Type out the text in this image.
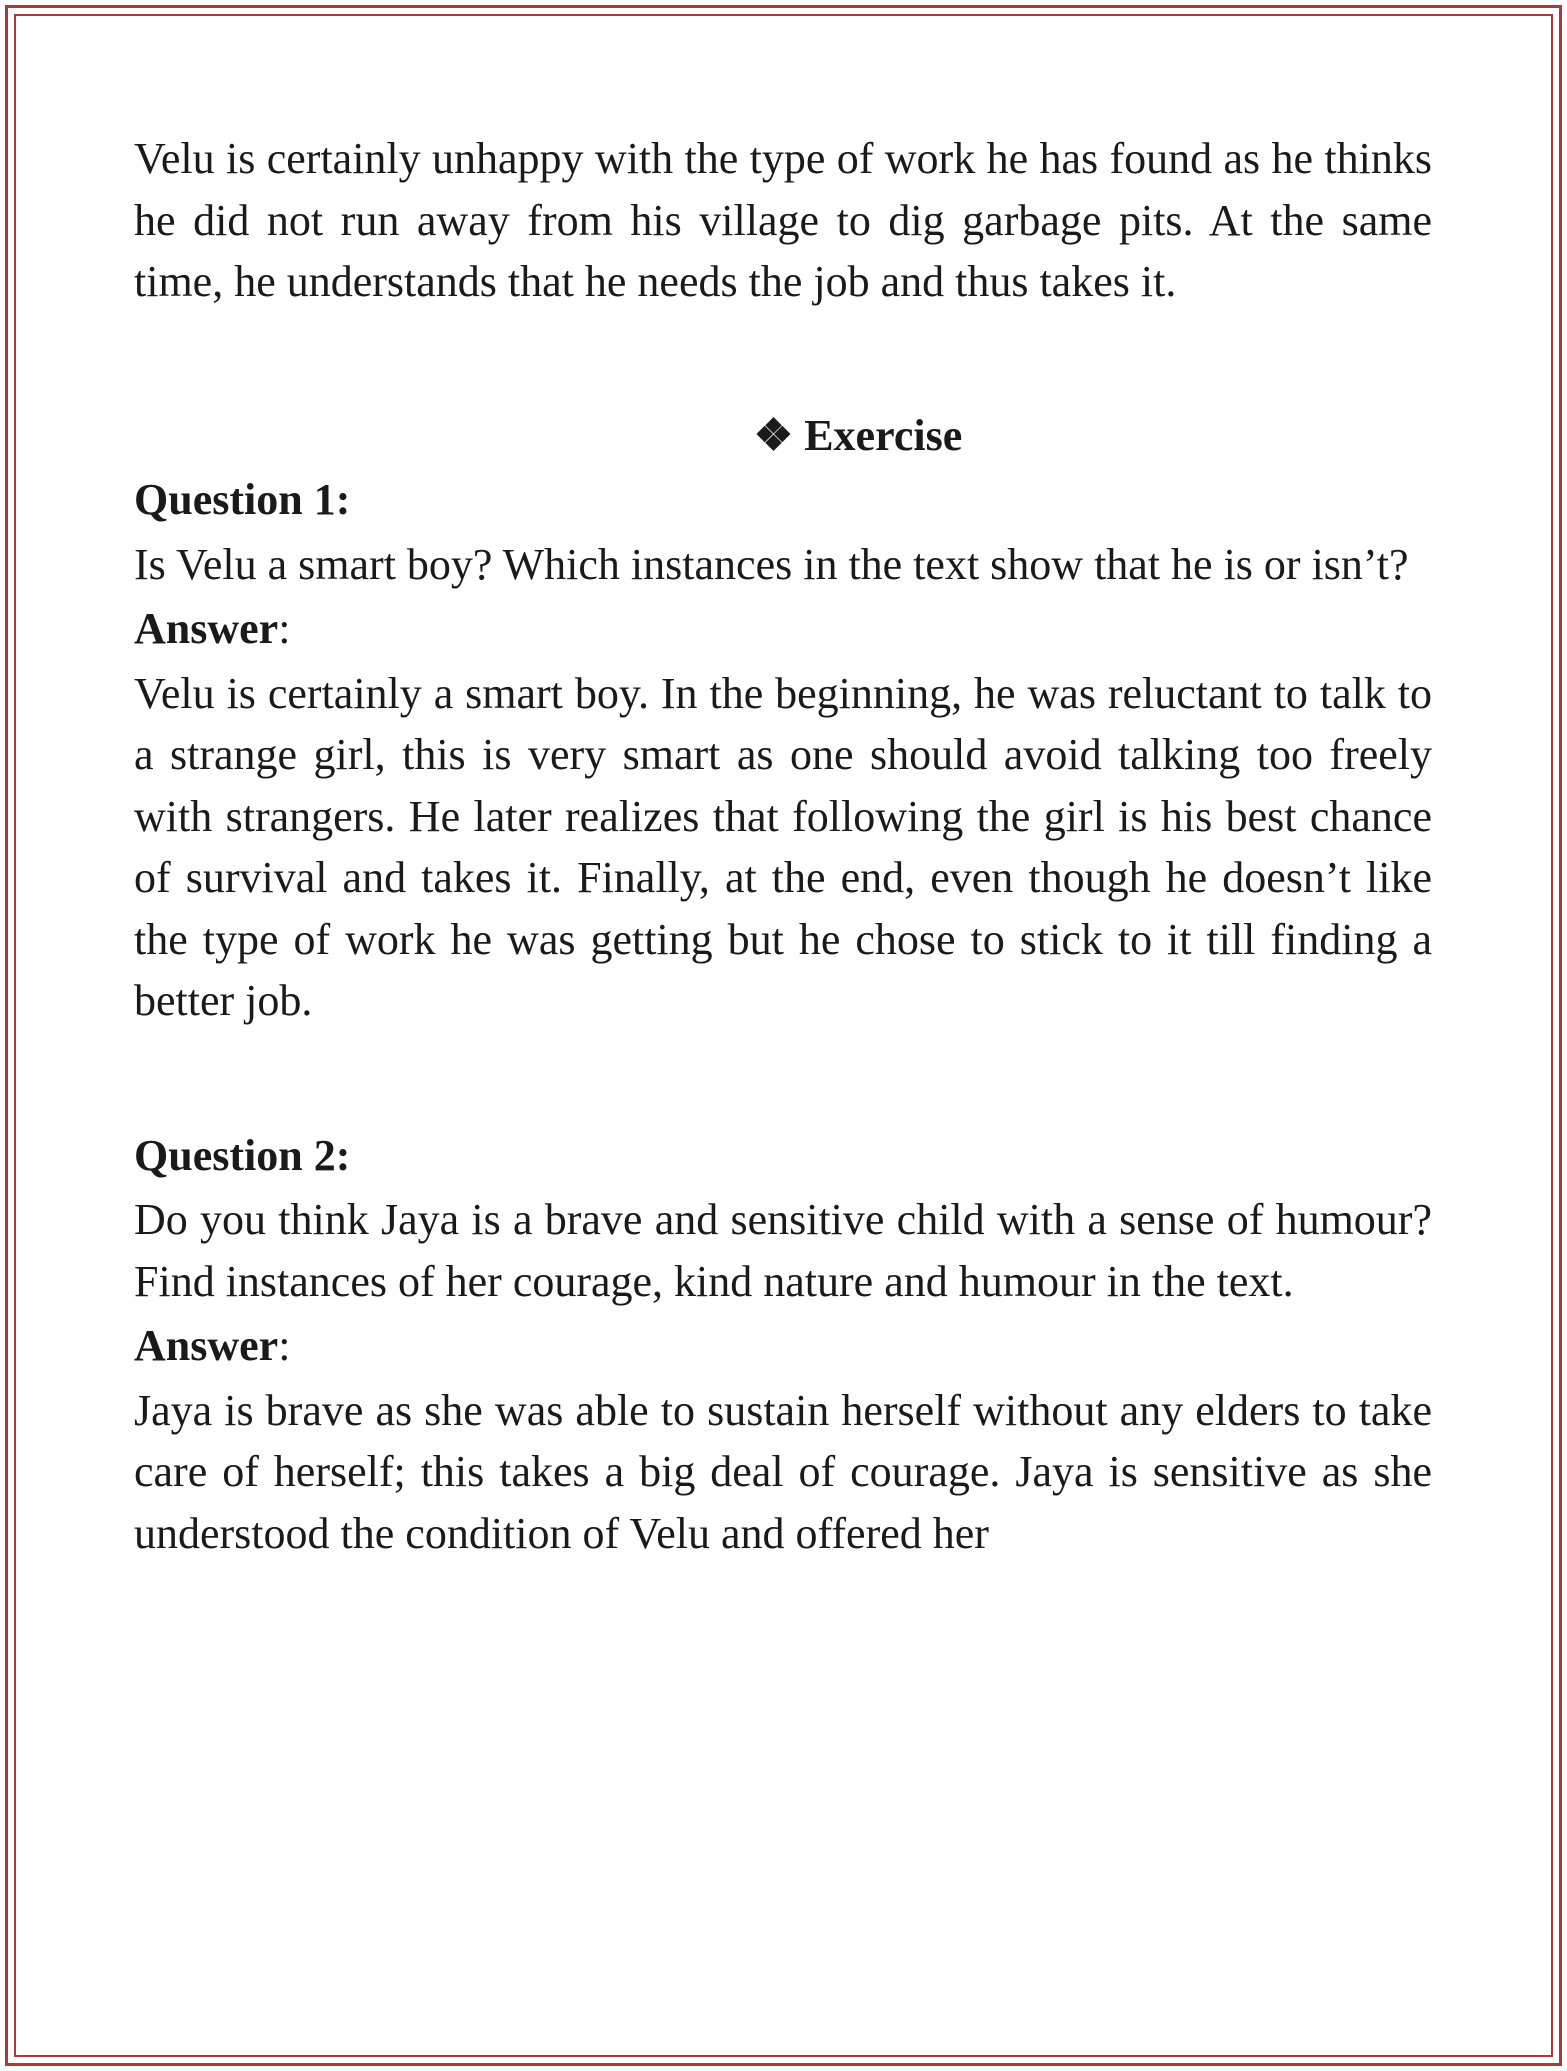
Velu is certainly unhappy with the type of work he has found as he thinks he did not run away from his village to dig garbage pits. At the same time, he understands that he needs the job and thus takes it.

❖ Exercise

Question 1:

Is Velu a smart boy? Which instances in the text show that he is or isn’t?

Answer:

Velu is certainly a smart boy. In the beginning, he was reluctant to talk to a strange girl, this is very smart as one should avoid talking too freely with strangers. He later realizes that following the girl is his best chance of survival and takes it. Finally, at the end, even though he doesn’t like the type of work he was getting but he chose to stick to it till finding a better job.

Question 2:

Do you think Jaya is a brave and sensitive child with a sense of humour? Find instances of her courage, kind nature and humour in the text.

Answer:

Jaya is brave as she was able to sustain herself without any elders to take care of herself; this takes a big deal of courage. Jaya is sensitive as she understood the condition of Velu and offered her
